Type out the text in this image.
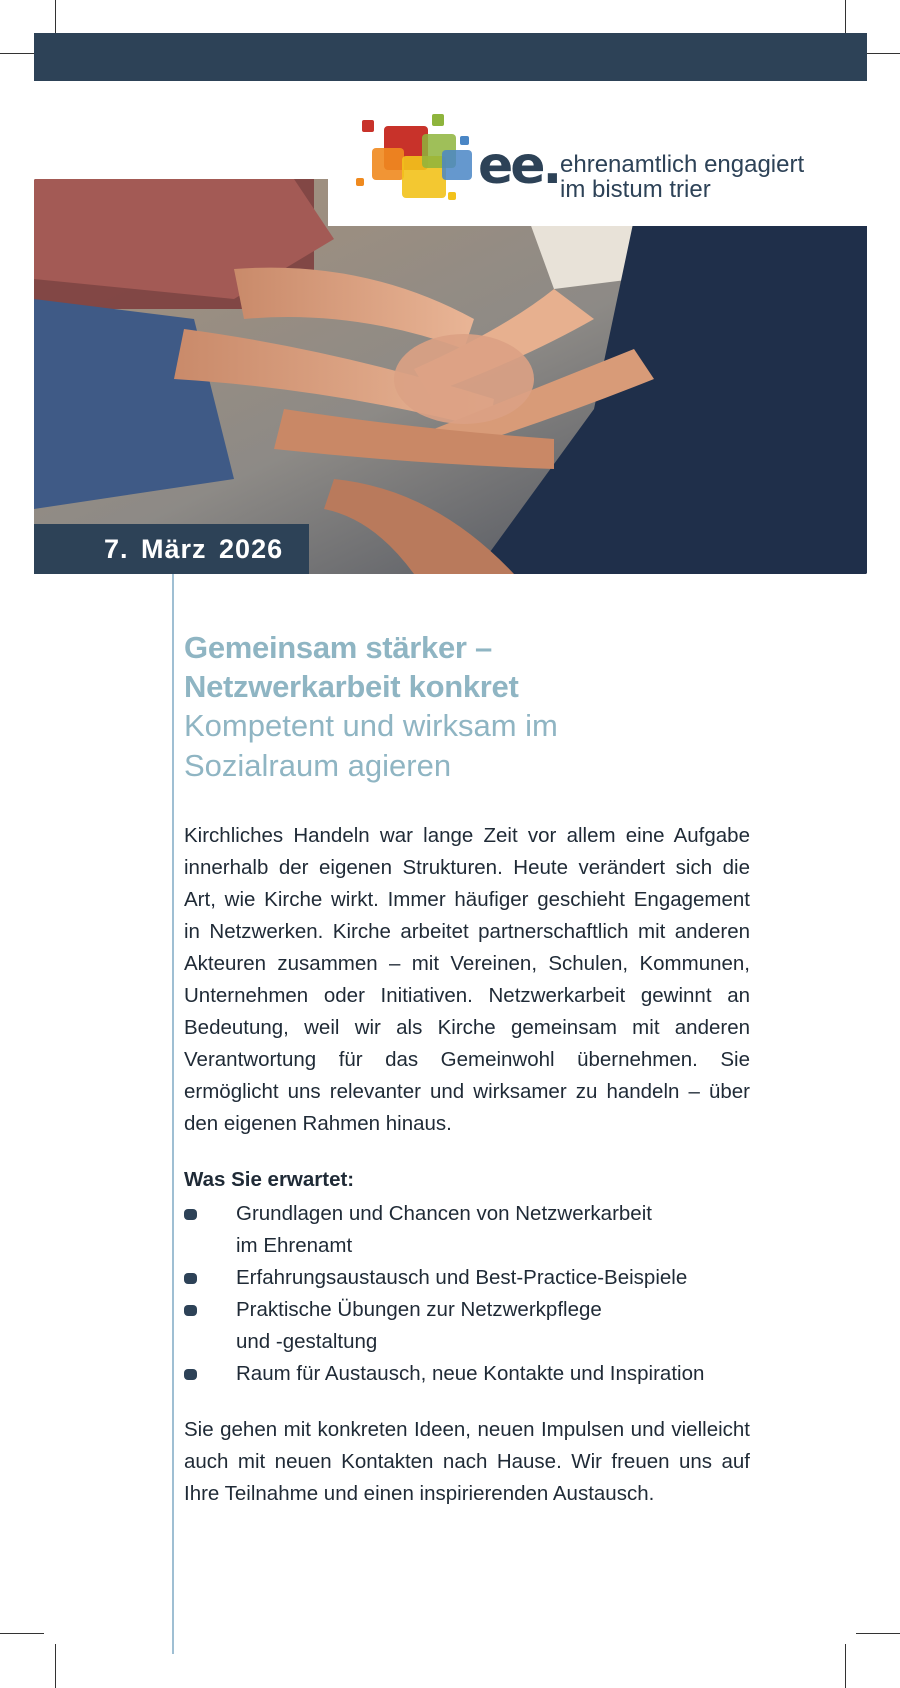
ee. ehrenamtlich engagiert
im bistum trier
7. März 2026
Gemeinsam stärker –
Netzwerkarbeit konkret
Kompetent und wirksam im
Sozialraum agieren

Kirchliches Handeln war lange Zeit vor allem eine Aufgabe innerhalb der eigenen Strukturen. Heute verändert sich die Art, wie Kirche wirkt. Immer häufiger geschieht Engagement in Netzwerken. Kirche arbeitet partnerschaftlich mit anderen Akteuren zusammen – mit Vereinen, Schulen, Kommunen, Unternehmen oder Initiativen. Netzwerkarbeit gewinnt an Bedeutung, weil wir als Kirche gemeinsam mit anderen Verantwortung für das Gemeinwohl übernehmen. Sie ermöglicht uns relevanter und wirksamer zu handeln – über den eigenen Rahmen hinaus.

Was Sie erwartet:
Grundlagen und Chancen von Netzwerkarbeit
im Ehrenamt
Erfahrungsaustausch und Best-Practice-Beispiele
Praktische Übungen zur Netzwerkpflege
und -gestaltung
Raum für Austausch, neue Kontakte und Inspiration

Sie gehen mit konkreten Ideen, neuen Impulsen und vielleicht auch mit neuen Kontakten nach Hause. Wir freuen uns auf Ihre Teilnahme und einen inspirierenden Austausch.
